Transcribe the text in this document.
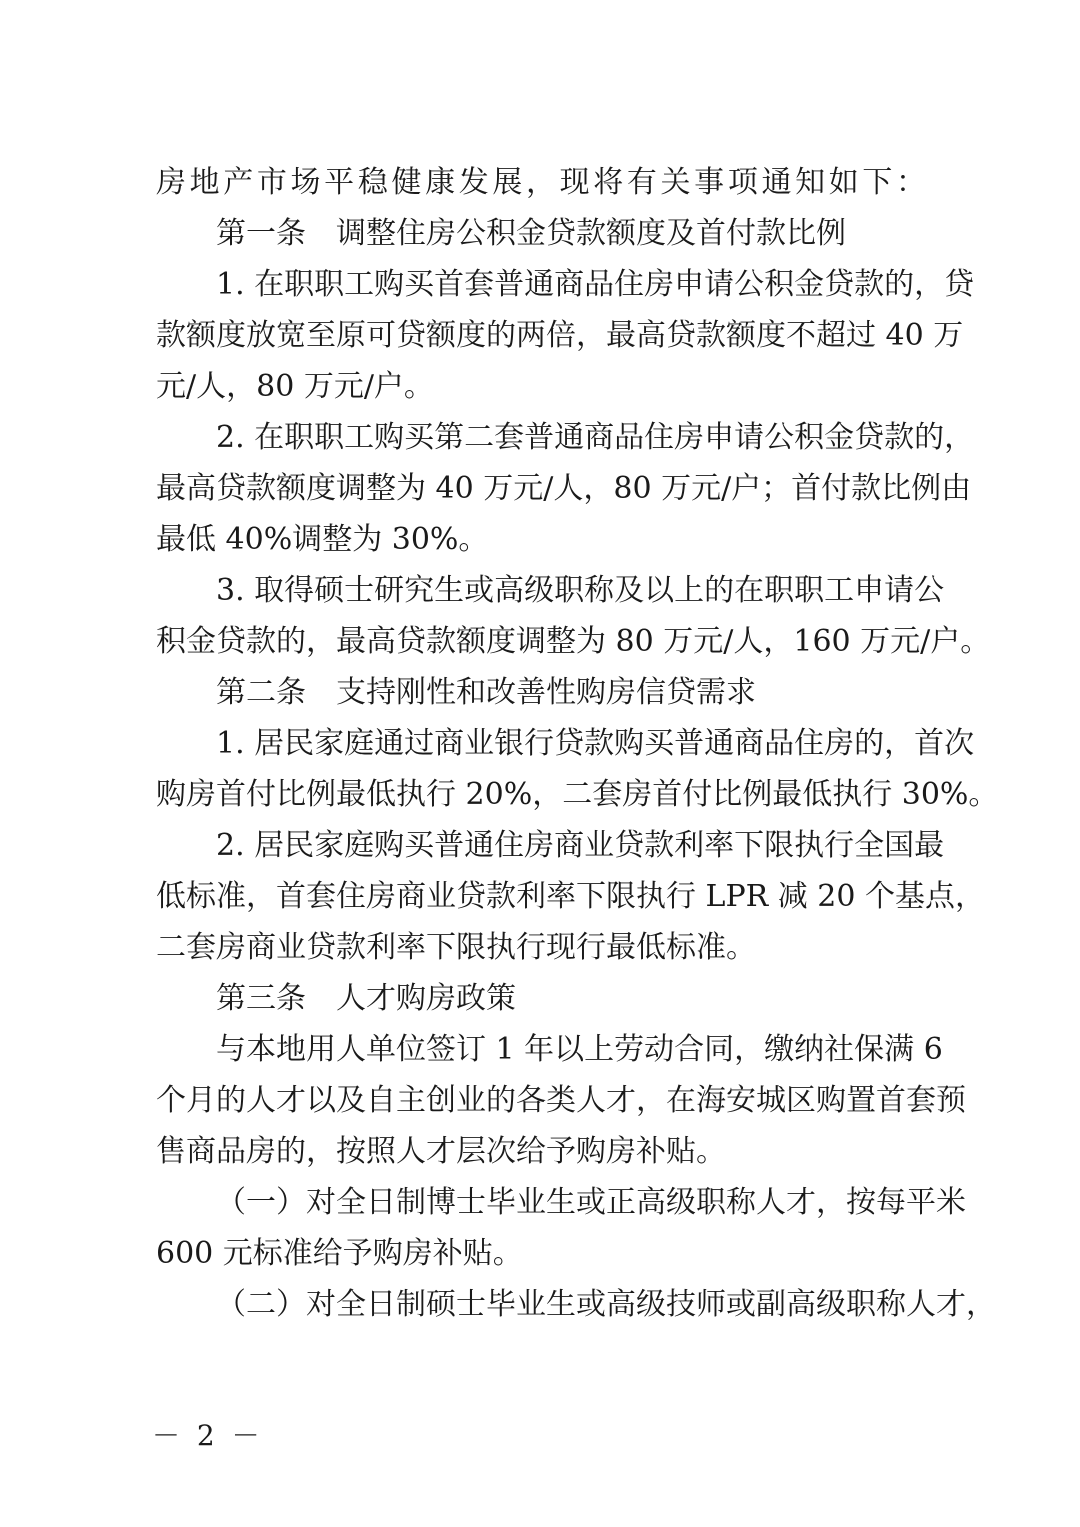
房地产市场平稳健康发展，现将有关事项通知如下：
第一条　调整住房公积金贷款额度及首付款比例
1. 在职职工购买首套普通商品住房申请公积金贷款的，贷
款额度放宽至原可贷额度的两倍，最高贷款额度不超过 40 万
元/人，80 万元/户。
2. 在职职工购买第二套普通商品住房申请公积金贷款的，
最高贷款额度调整为 40 万元/人，80 万元/户；首付款比例由
最低 40%调整为 30%。
3. 取得硕士研究生或高级职称及以上的在职职工申请公
积金贷款的，最高贷款额度调整为 80 万元/人，160 万元/户。
第二条　支持刚性和改善性购房信贷需求
1. 居民家庭通过商业银行贷款购买普通商品住房的，首次
购房首付比例最低执行 20%，二套房首付比例最低执行 30%。
2. 居民家庭购买普通住房商业贷款利率下限执行全国最
低标准，首套住房商业贷款利率下限执行 LPR 减 20 个基点，
二套房商业贷款利率下限执行现行最低标准。
第三条　人才购房政策
与本地用人单位签订 1 年以上劳动合同，缴纳社保满 6
个月的人才以及自主创业的各类人才，在海安城区购置首套预
售商品房的，按照人才层次给予购房补贴。
（一）对全日制博士毕业生或正高级职称人才，按每平米
600 元标准给予购房补贴。
（二）对全日制硕士毕业生或高级技师或副高级职称人才，
－ 2 －
